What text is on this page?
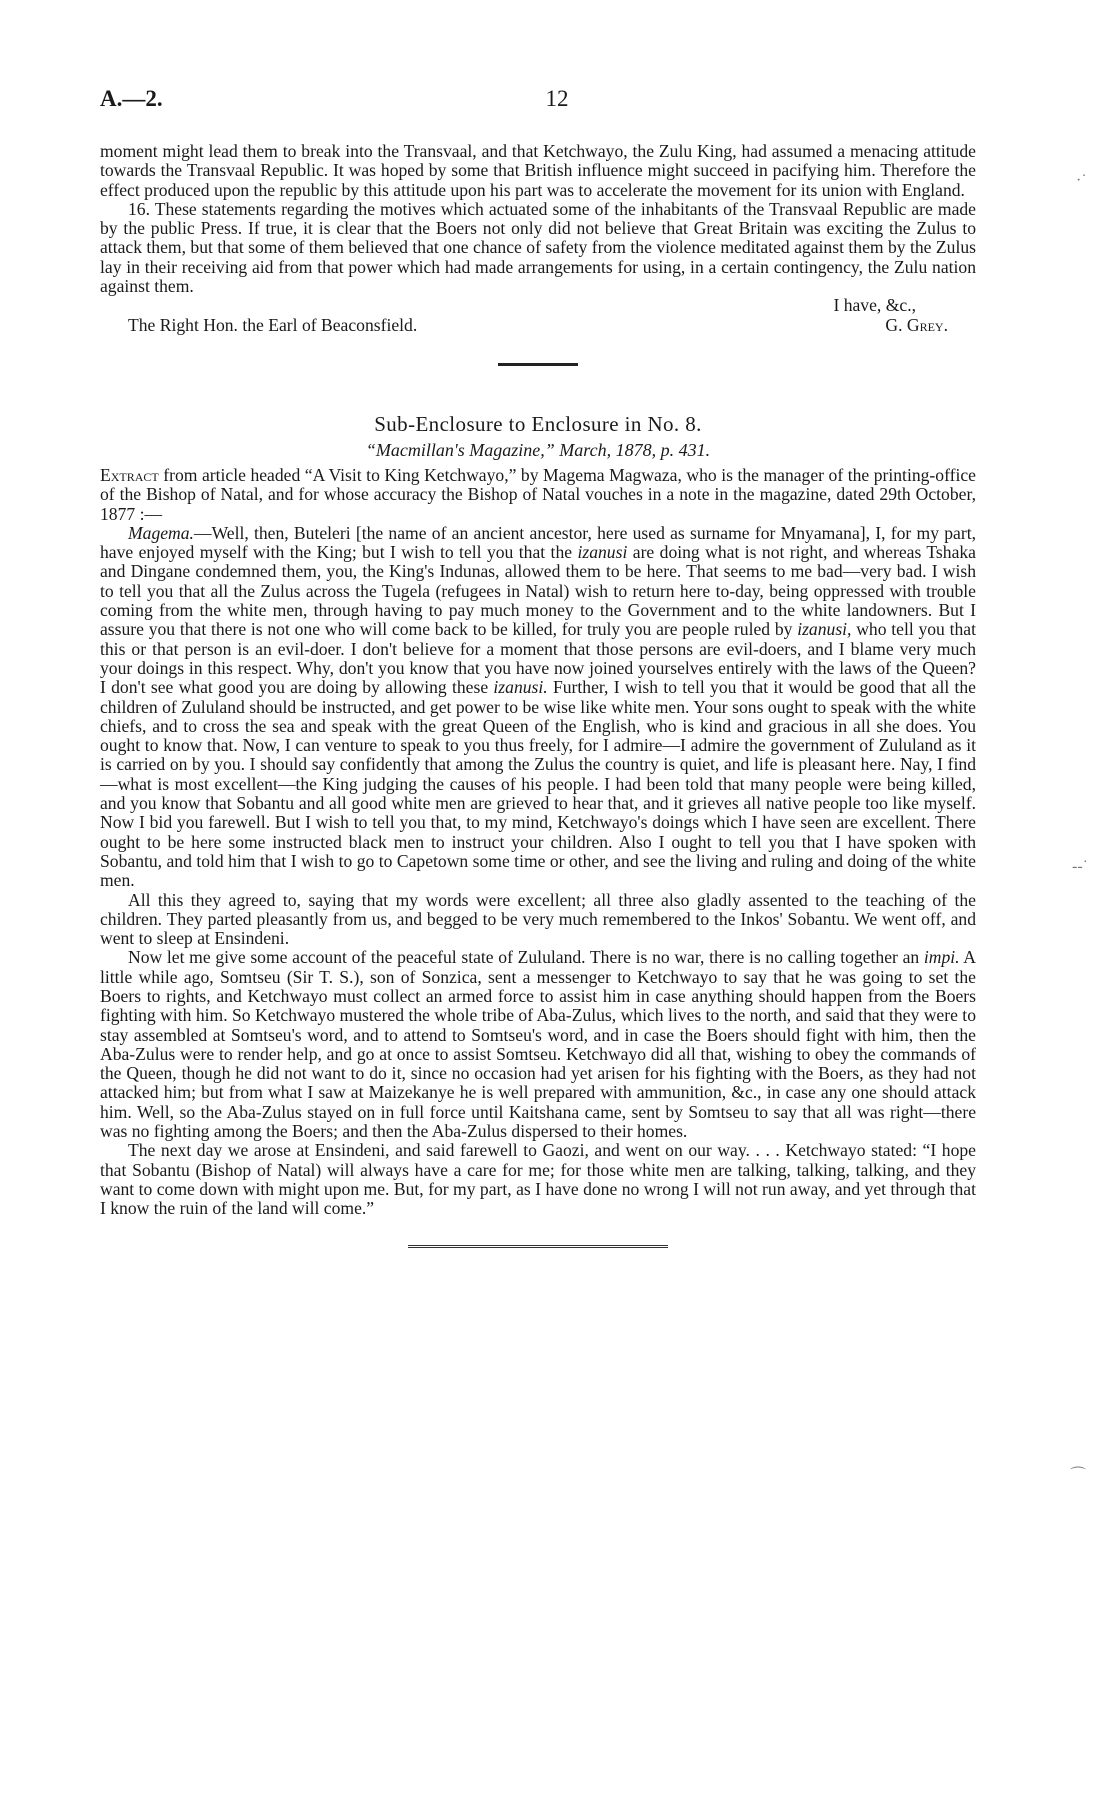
12
A.—2.

moment might lead them to break into the Transvaal, and that Ketchwayo, the Zulu King, had assumed a menacing attitude towards the Transvaal Republic. It was hoped by some that British influence might succeed in pacifying him. Therefore the effect produced upon the republic by this attitude upon his part was to accelerate the movement for its union with England.

16. These statements regarding the motives which actuated some of the inhabitants of the Transvaal Republic are made by the public Press. If true, it is clear that the Boers not only did not believe that Great Britain was exciting the Zulus to attack them, but that some of them believed that one chance of safety from the violence meditated against them by the Zulus lay in their receiving aid from that power which had made arrangements for using, in a certain contingency, the Zulu nation against them.

I have, &c.,
The Right Hon. the Earl of Beaconsfield.	G. Grey.
Sub-Enclosure to Enclosure in No. 8.
“Macmillan's Magazine,” March, 1878, p. 431.

Extract from article headed “A Visit to King Ketchwayo,” by Magema Magwaza, who is the manager of the printing-office of the Bishop of Natal, and for whose accuracy the Bishop of Natal vouches in a note in the magazine, dated 29th October, 1877 :—

Magema.—Well, then, Buteleri [the name of an ancient ancestor, here used as surname for Mnyamana], I, for my part, have enjoyed myself with the King; but I wish to tell you that the izanusi are doing what is not right, and whereas Tshaka and Dingane condemned them, you, the King's Indunas, allowed them to be here. That seems to me bad—very bad. I wish to tell you that all the Zulus across the Tugela (refugees in Natal) wish to return here to-day, being oppressed with trouble coming from the white men, through having to pay much money to the Government and to the white landowners. But I assure you that there is not one who will come back to be killed, for truly you are people ruled by izanusi, who tell you that this or that person is an evil-doer. I don't believe for a moment that those persons are evil-doers, and I blame very much your doings in this respect. Why, don't you know that you have now joined yourselves entirely with the laws of the Queen? I don't see what good you are doing by allowing these izanusi. Further, I wish to tell you that it would be good that all the children of Zululand should be instructed, and get power to be wise like white men. Your sons ought to speak with the white chiefs, and to cross the sea and speak with the great Queen of the English, who is kind and gracious in all she does. You ought to know that. Now, I can venture to speak to you thus freely, for I admire—I admire the government of Zululand as it is carried on by you. I should say confidently that among the Zulus the country is quiet, and life is pleasant here. Nay, I find—what is most excellent—the King judging the causes of his people. I had been told that many people were being killed, and you know that Sobantu and all good white men are grieved to hear that, and it grieves all native people too like myself. Now I bid you farewell. But I wish to tell you that, to my mind, Ketchwayo's doings which I have seen are excellent. There ought to be here some instructed black men to instruct your children. Also I ought to tell you that I have spoken with Sobantu, and told him that I wish to go to Capetown some time or other, and see the living and ruling and doing of the white men.

All this they agreed to, saying that my words were excellent; all three also gladly assented to the teaching of the children. They parted pleasantly from us, and begged to be very much remembered to the Inkos' Sobantu. We went off, and went to sleep at Ensindeni.

Now let me give some account of the peaceful state of Zululand. There is no war, there is no calling together an impi. A little while ago, Somtseu (Sir T. S.), son of Sonzica, sent a messenger to Ketchwayo to say that he was going to set the Boers to rights, and Ketchwayo must collect an armed force to assist him in case anything should happen from the Boers fighting with him. So Ketchwayo mustered the whole tribe of Aba-Zulus, which lives to the north, and said that they were to stay assembled at Somtseu's word, and to attend to Somtseu's word, and in case the Boers should fight with him, then the Aba-Zulus were to render help, and go at once to assist Somtseu. Ketchwayo did all that, wishing to obey the commands of the Queen, though he did not want to do it, since no occasion had yet arisen for his fighting with the Boers, as they had not attacked him; but from what I saw at Maizekanye he is well prepared with ammunition, &c., in case any one should attack him. Well, so the Aba-Zulus stayed on in full force until Kaitshana came, sent by Somtseu to say that all was right—there was no fighting among the Boers; and then the Aba-Zulus dispersed to their homes.

The next day we arose at Ensindeni, and said farewell to Gaozi, and went on our way. . . . Ketchwayo stated: “I hope that Sobantu (Bishop of Natal) will always have a care for me; for those white men are talking, talking, talking, and they want to come down with might upon me. But, for my part, as I have done no wrong I will not run away, and yet through that I know the ruin of the land will come.”

·˙
-‐˙
⌒
